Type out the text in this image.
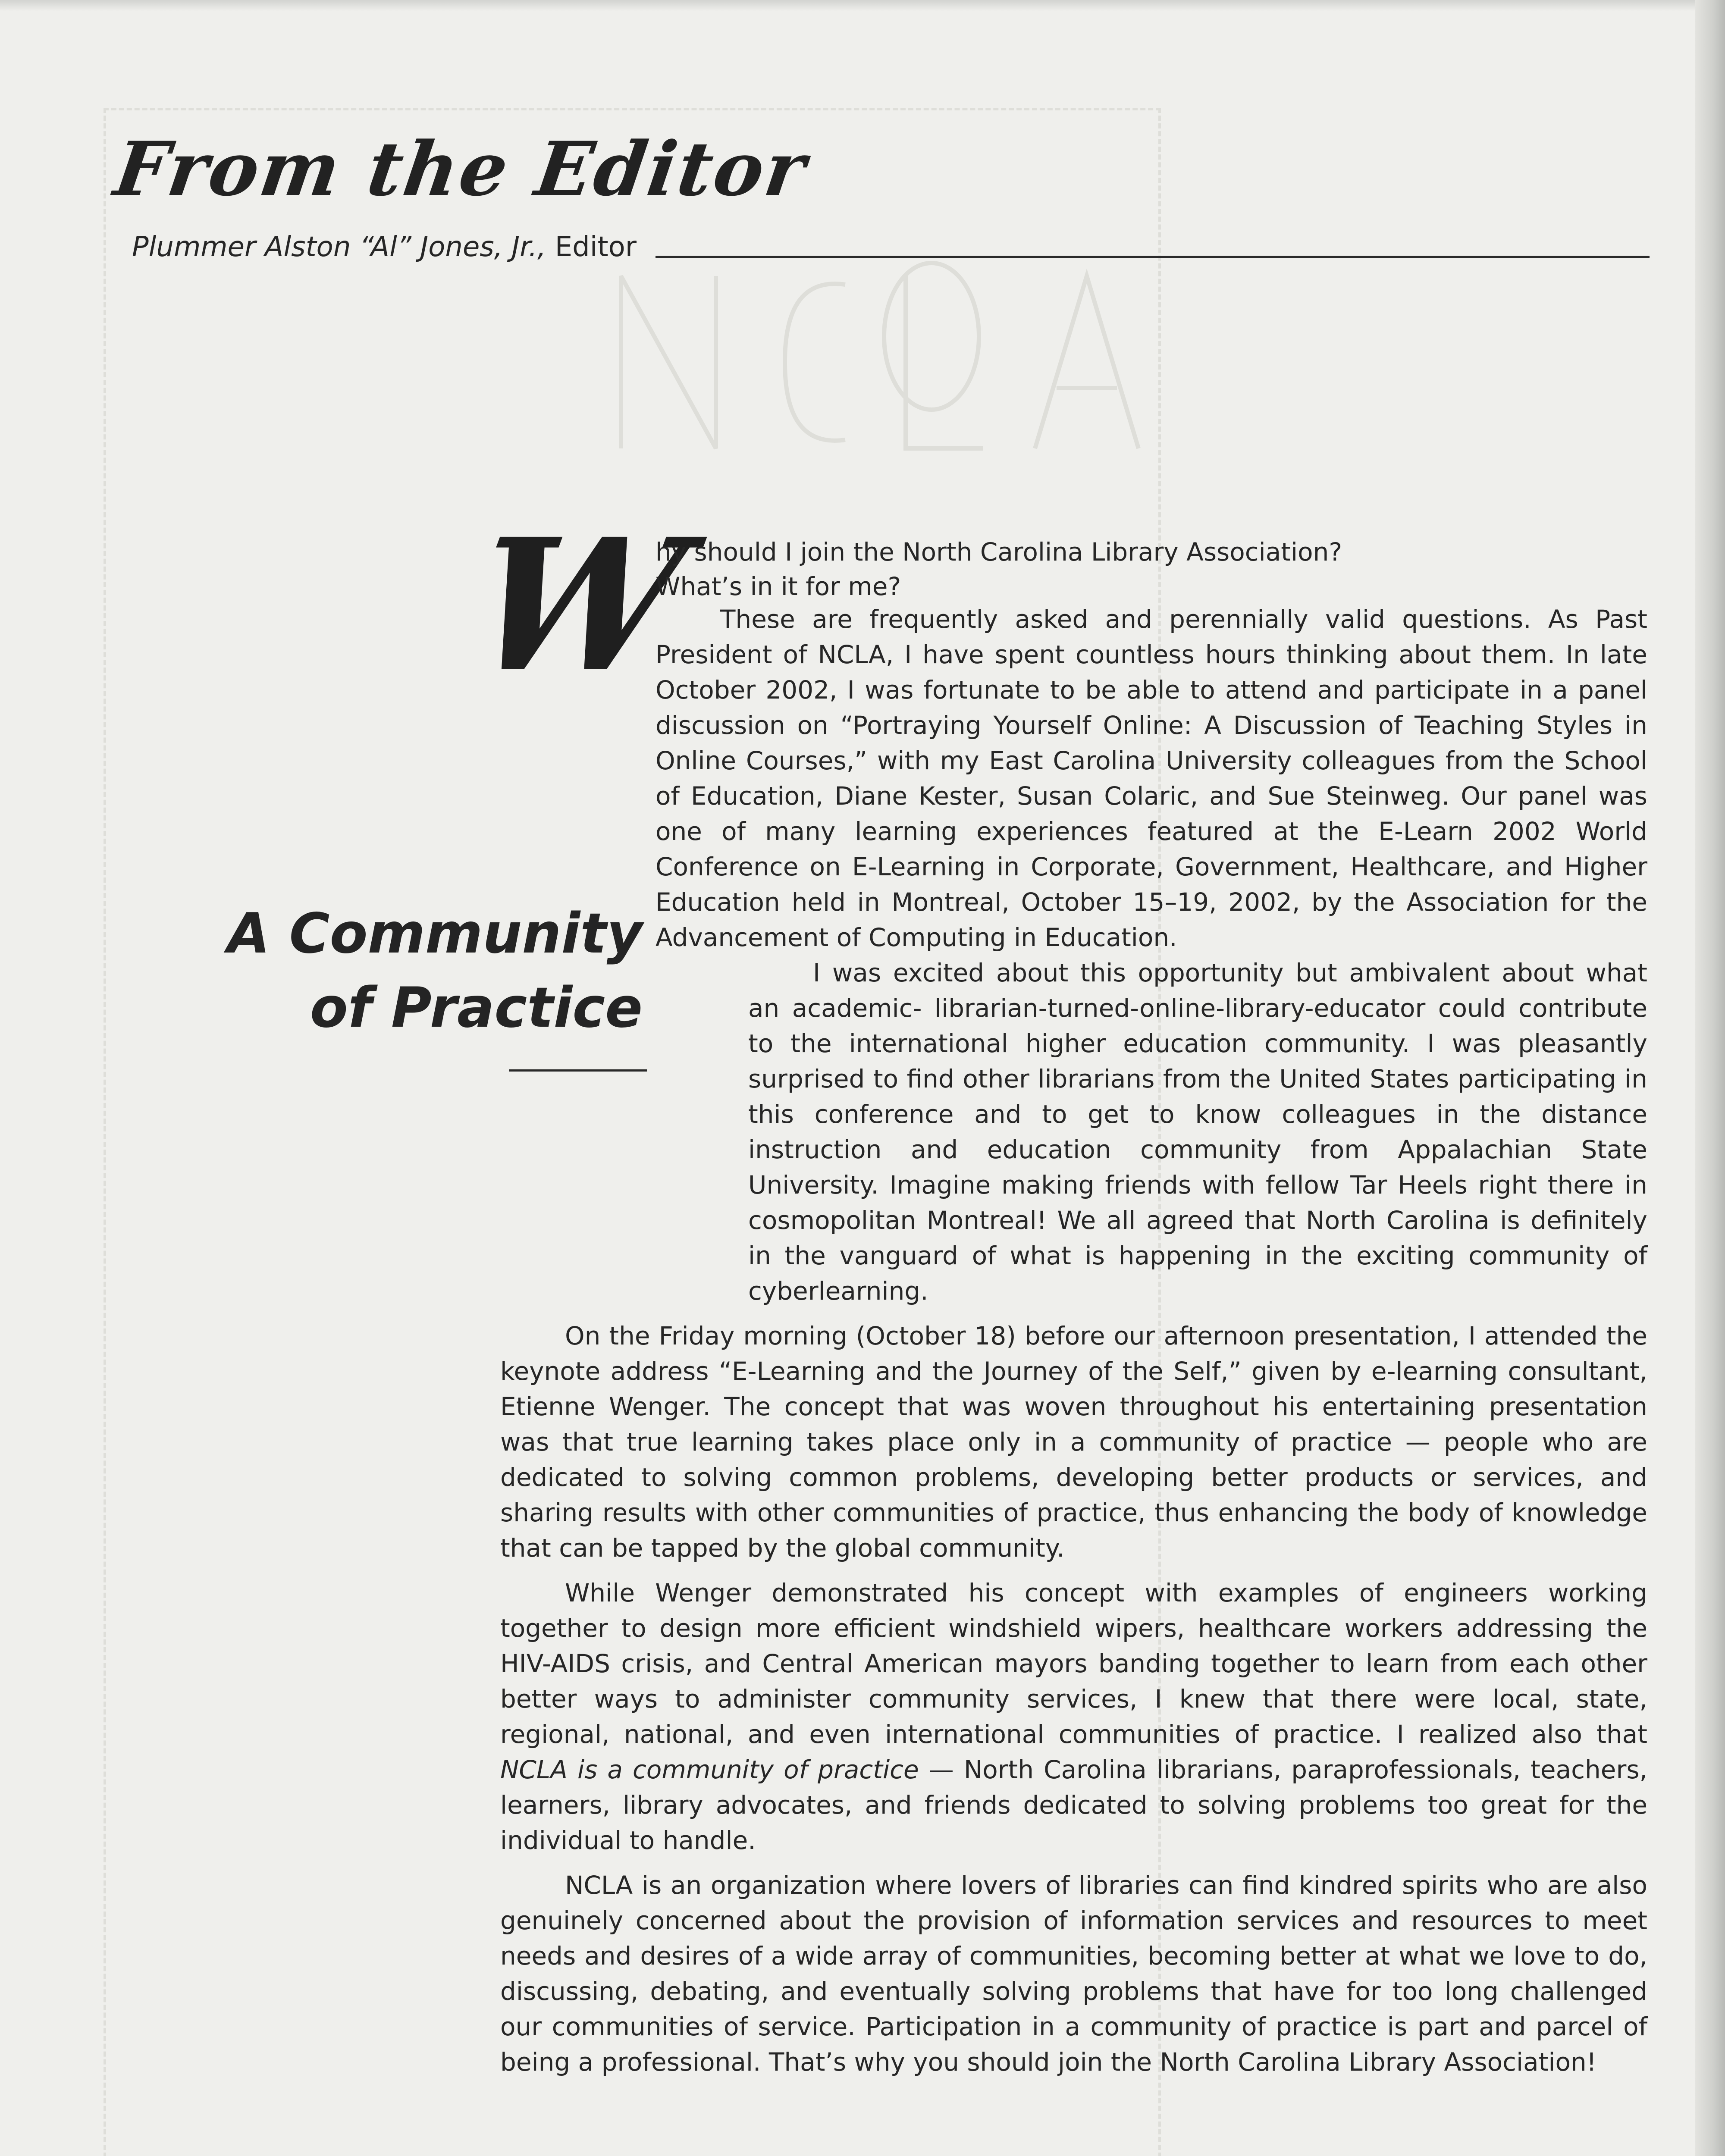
From the Editor
Plummer Alston “Al” Jones, Jr., Editor
A Community
of Practice
W
hy should I join the North Carolina Library Association?
What’s in it for me?

These are frequently asked and perennially valid questions. As Past President of NCLA, I have spent countless hours thinking about them. In late October 2002, I was fortunate to be able to attend and participate in a panel discussion on “Portraying Yourself Online: A Discussion of Teaching Styles in Online Courses,” with my East Carolina University colleagues from the School of Education, Diane Kester, Susan Colaric, and Sue Steinweg. Our panel was one of many learning experiences featured at the E-Learn 2002 World Conference on E-Learning in Corporate, Government, Healthcare, and Higher Education held in Montreal, October 15–19, 2002, by the Association for the Advancement of Computing in Education.

I was excited about this opportunity but ambivalent about what an academic- librarian-turned-online-library-educator could contribute to the international higher education community. I was pleasantly surprised to find other librarians from the United States participating in this conference and to get to know colleagues in the distance instruction and education community from Appalachian State University. Imagine making friends with fellow Tar Heels right there in cosmopolitan Montreal! We all agreed that North Carolina is definitely in the vanguard of what is happening in the exciting community of cyberlearning.

On the Friday morning (October 18) before our afternoon presentation, I attended the keynote address “E-Learning and the Journey of the Self,” given by e-learning consultant, Etienne Wenger. The concept that was woven throughout his entertaining presentation was that true learning takes place only in a community of practice — people who are dedicated to solving common problems, developing better products or services, and sharing results with other communities of practice, thus enhancing the body of knowledge that can be tapped by the global community.

While Wenger demonstrated his concept with examples of engineers working together to design more efficient windshield wipers, healthcare workers addressing the HIV-AIDS crisis, and Central American mayors banding together to learn from each other better ways to administer community services, I knew that there were local, state, regional, national, and even international communities of practice. I realized also that NCLA is a community of practice — North Carolina librarians, paraprofessionals, teachers, learners, library advocates, and friends dedicated to solving problems too great for the individual to handle.

NCLA is an organization where lovers of libraries can find kindred spirits who are also genuinely concerned about the provision of information services and resources to meet needs and desires of a wide array of communities, becoming better at what we love to do, discussing, debating, and eventually solving problems that have for too long challenged our communities of service. Participation in a community of practice is part and parcel of being a professional. That’s why you should join the North Carolina Library Association!
